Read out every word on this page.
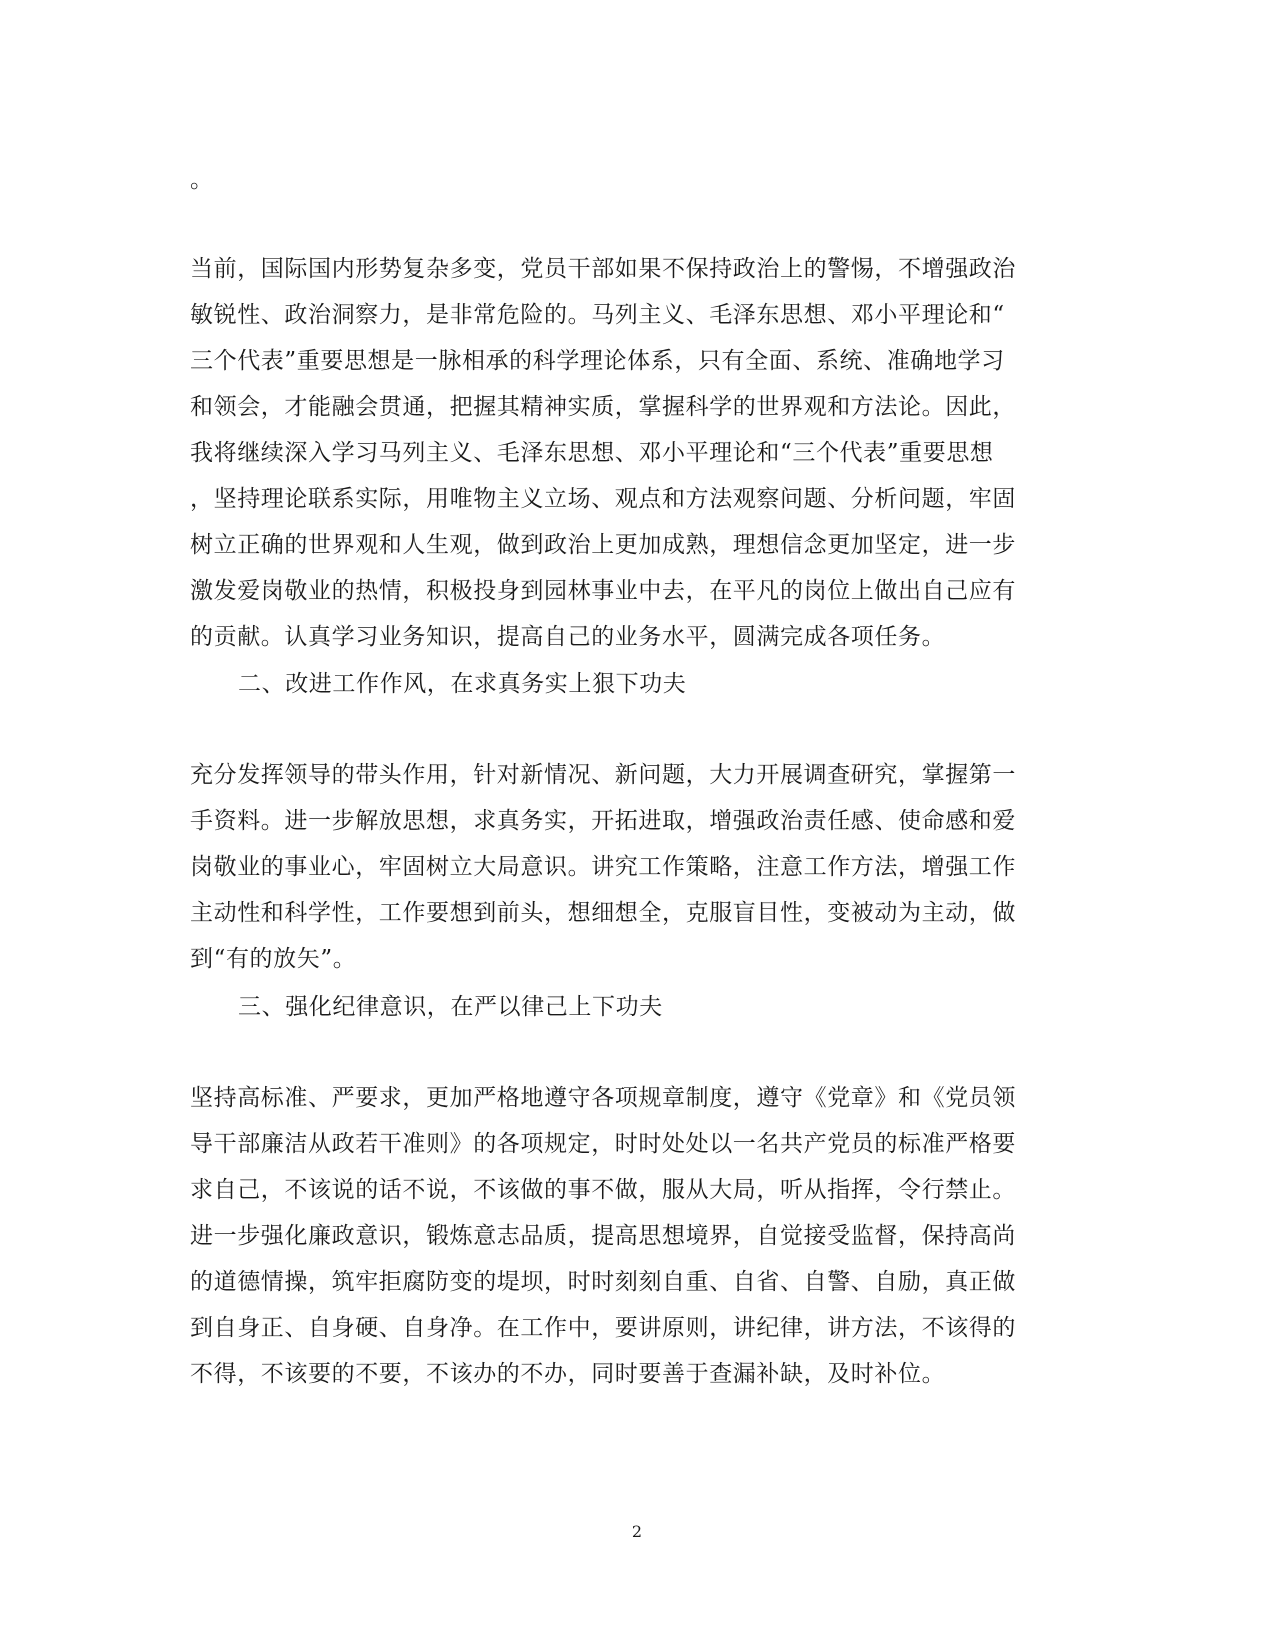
。
当前，国际国内形势复杂多变，党员干部如果不保持政治上的警惕，不增强政治
敏锐性、政治洞察力，是非常危险的。马列主义、毛泽东思想、邓小平理论和“
三个代表”重要思想是一脉相承的科学理论体系，只有全面、系统、准确地学习
和领会，才能融会贯通，把握其精神实质，掌握科学的世界观和方法论。因此，
我将继续深入学习马列主义、毛泽东思想、邓小平理论和“三个代表”重要思想
，坚持理论联系实际，用唯物主义立场、观点和方法观察问题、分析问题，牢固
树立正确的世界观和人生观，做到政治上更加成熟，理想信念更加坚定，进一步
激发爱岗敬业的热情，积极投身到园林事业中去，在平凡的岗位上做出自己应有
的贡献。认真学习业务知识，提高自己的业务水平，圆满完成各项任务。
二、改进工作作风，在求真务实上狠下功夫
充分发挥领导的带头作用，针对新情况、新问题，大力开展调查研究，掌握第一
手资料。进一步解放思想，求真务实，开拓进取，增强政治责任感、使命感和爱
岗敬业的事业心，牢固树立大局意识。讲究工作策略，注意工作方法，增强工作
主动性和科学性，工作要想到前头，想细想全，克服盲目性，变被动为主动，做
到“有的放矢”。
三、强化纪律意识，在严以律己上下功夫
坚持高标准、严要求，更加严格地遵守各项规章制度，遵守《党章》和《党员领
导干部廉洁从政若干准则》的各项规定，时时处处以一名共产党员的标准严格要
求自己，不该说的话不说，不该做的事不做，服从大局，听从指挥，令行禁止。
进一步强化廉政意识，锻炼意志品质，提高思想境界，自觉接受监督，保持高尚
的道德情操，筑牢拒腐防变的堤坝，时时刻刻自重、自省、自警、自励，真正做
到自身正、自身硬、自身净。在工作中，要讲原则，讲纪律，讲方法，不该得的
不得，不该要的不要，不该办的不办，同时要善于查漏补缺，及时补位。
2
